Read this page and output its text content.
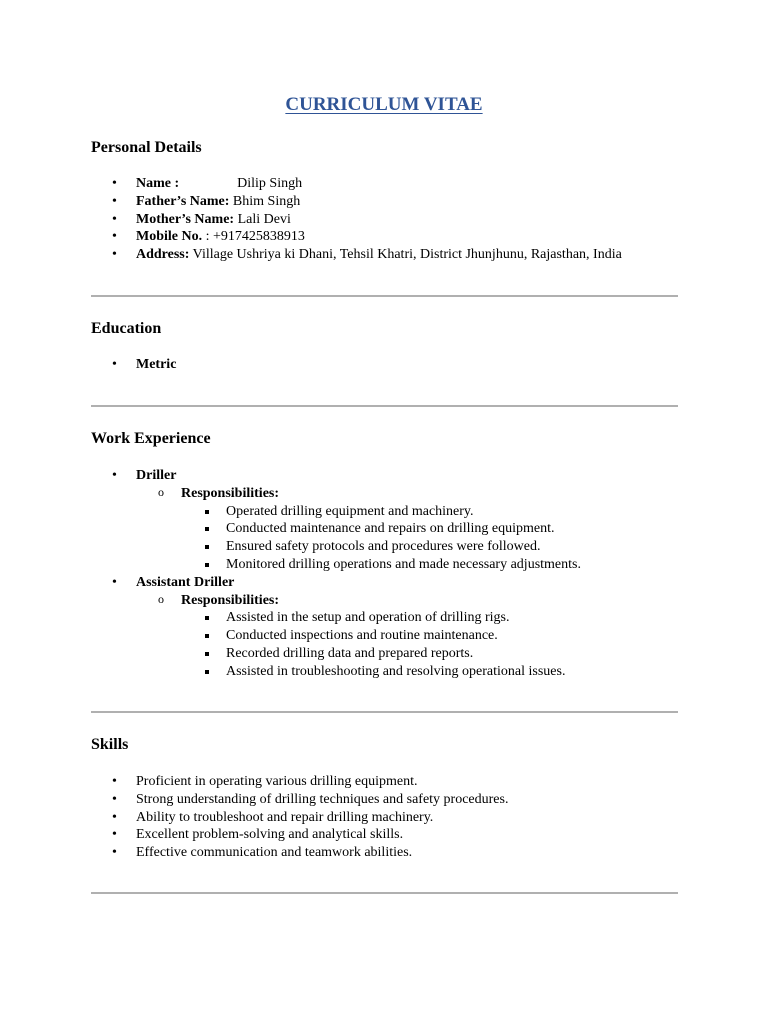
CURRICULUM VITAE
Personal Details
• Name :	Dilip Singh
• Father’s Name: Bhim Singh
• Mother’s Name: Lali Devi
• Mobile No. : +917425838913
• Address: Village Ushriya ki Dhani, Tehsil Khatri, District Jhunjhunu, Rajasthan, India
Education
• Metric
Work Experience
• Driller
o Responsibilities:
Operated drilling equipment and machinery.
Conducted maintenance and repairs on drilling equipment.
Ensured safety protocols and procedures were followed.
Monitored drilling operations and made necessary adjustments.
• Assistant Driller
o Responsibilities:
Assisted in the setup and operation of drilling rigs.
Conducted inspections and routine maintenance.
Recorded drilling data and prepared reports.
Assisted in troubleshooting and resolving operational issues.
Skills
• Proficient in operating various drilling equipment.
• Strong understanding of drilling techniques and safety procedures.
• Ability to troubleshoot and repair drilling machinery.
• Excellent problem-solving and analytical skills.
• Effective communication and teamwork abilities.
